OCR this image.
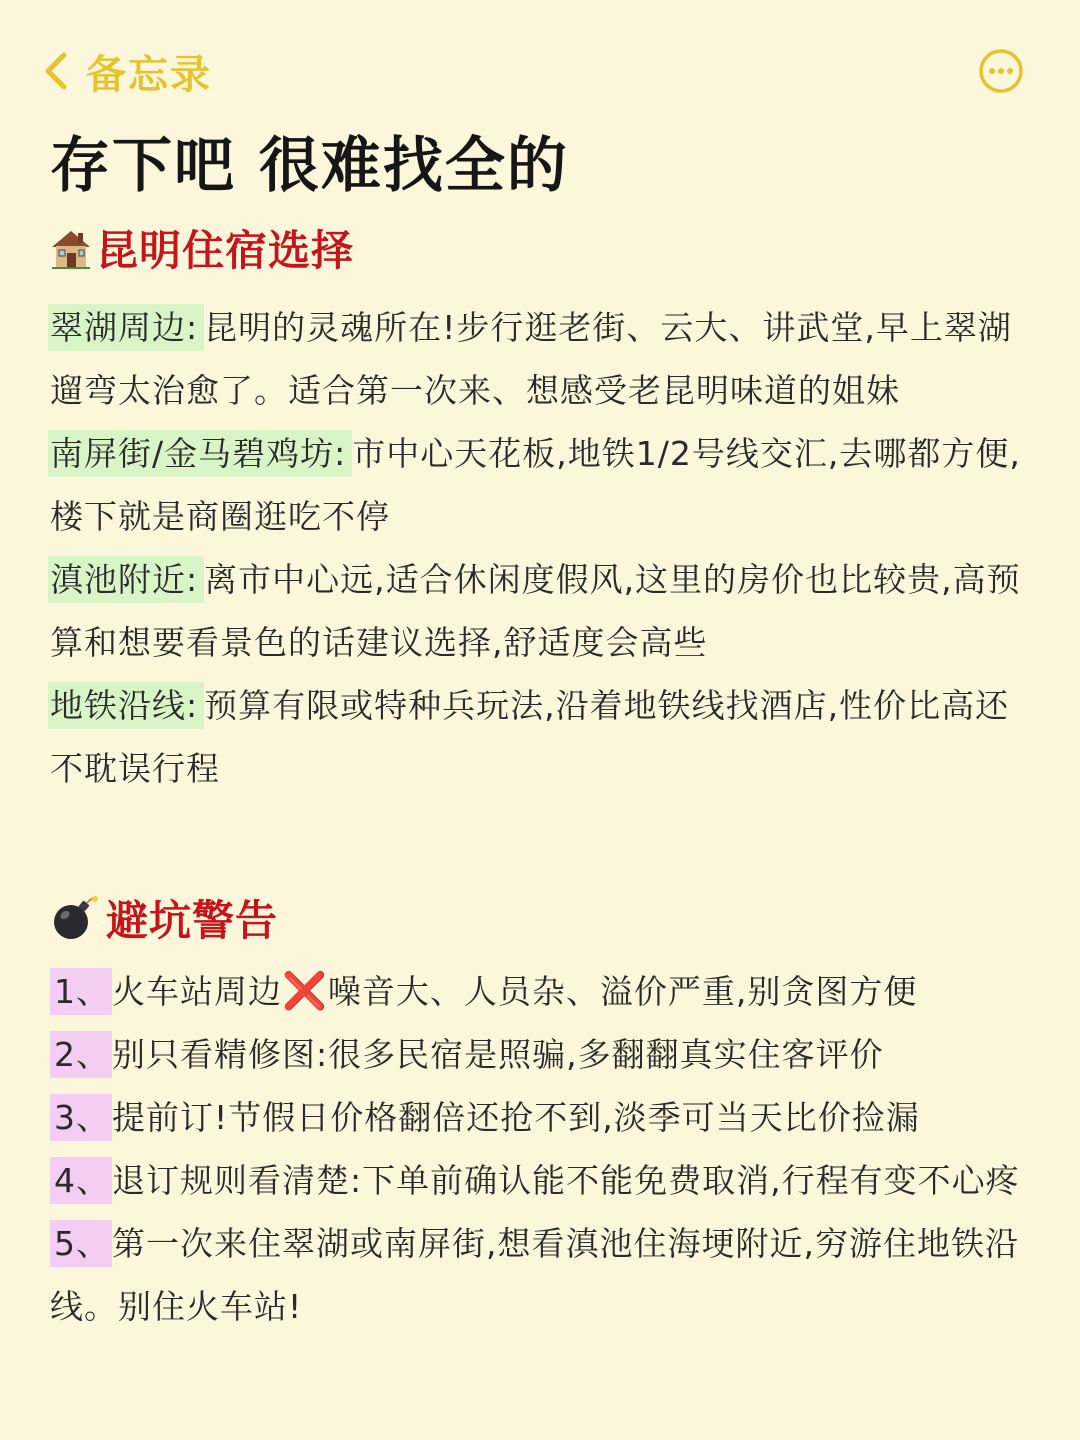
备忘录
存下吧 很难找全的
昆明住宿选择

翠湖周边: 昆明的灵魂所在!步行逛老街、云大、讲武堂,早上翠湖遛弯太治愈了。适合第一次来、想感受老昆明味道的姐妹

南屏街/金马碧鸡坊: 市中心天花板,地铁1/2号线交汇,去哪都方便,楼下就是商圈逛吃不停

滇池附近: 离市中心远,适合休闲度假风,这里的房价也比较贵,高预算和想要看景色的话建议选择,舒适度会高些

地铁沿线: 预算有限或特种兵玩法,沿着地铁线找酒店,性价比高还不耽误行程

避坑警告

1、火车站周边❌噪音大、人员杂、溢价严重,别贪图方便

2、别只看精修图:很多民宿是照骗,多翻翻真实住客评价

3、提前订!节假日价格翻倍还抢不到,淡季可当天比价捡漏

4、退订规则看清楚:下单前确认能不能免费取消,行程有变不心疼

5、第一次来住翠湖或南屏街,想看滇池住海埂附近,穷游住地铁沿线。别住火车站!
